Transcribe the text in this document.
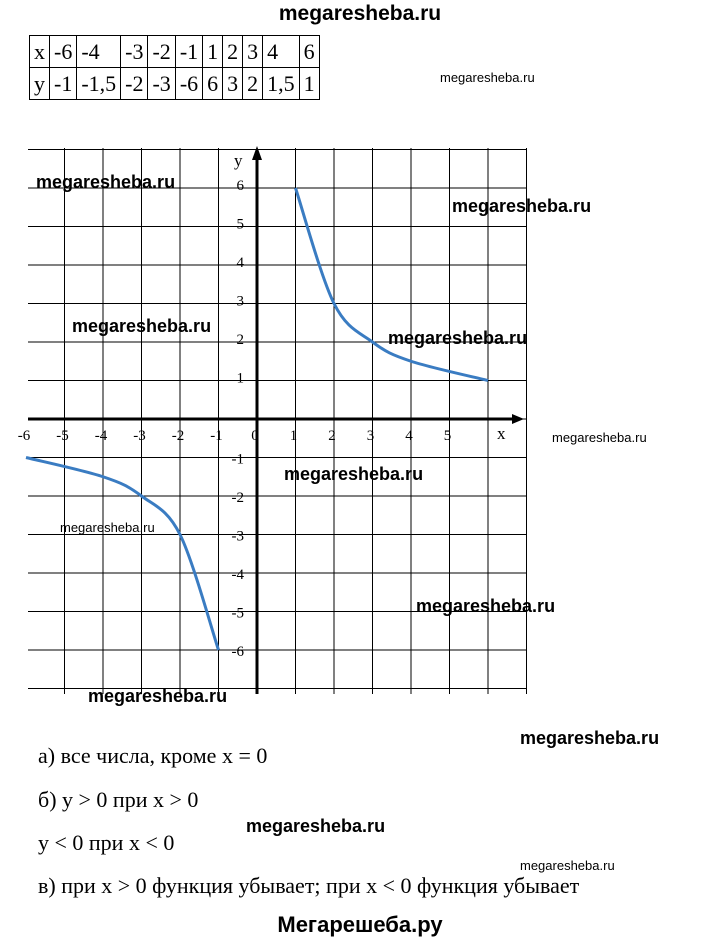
megaresheba.ru
x	-6	-4	-3	-2	-1	1	2	3	4	6
y	-1	-1,5	-2	-3	-6	6	3	2	1,5	1	megaresheba.ru
x
y
-6 -5 -4 -3 -2 -1 0 1 2 3 4 5
6
5
4
3
2
1
-1
-2
-3
-4
-5
-6
megaresheba.ru
megaresheba.ru
megaresheba.ru
megaresheba.ru
megaresheba.ru
megaresheba.ru
megaresheba.ru
megaresheba.ru
megaresheba.ru
megaresheba.ru
megaresheba.ru
megaresheba.ru
а) все числа, кроме x = 0
б) y > 0 при x > 0
y < 0 при x < 0
в) при x > 0 функция убывает; при x < 0 функция убывает
Мегарешеба.ру
